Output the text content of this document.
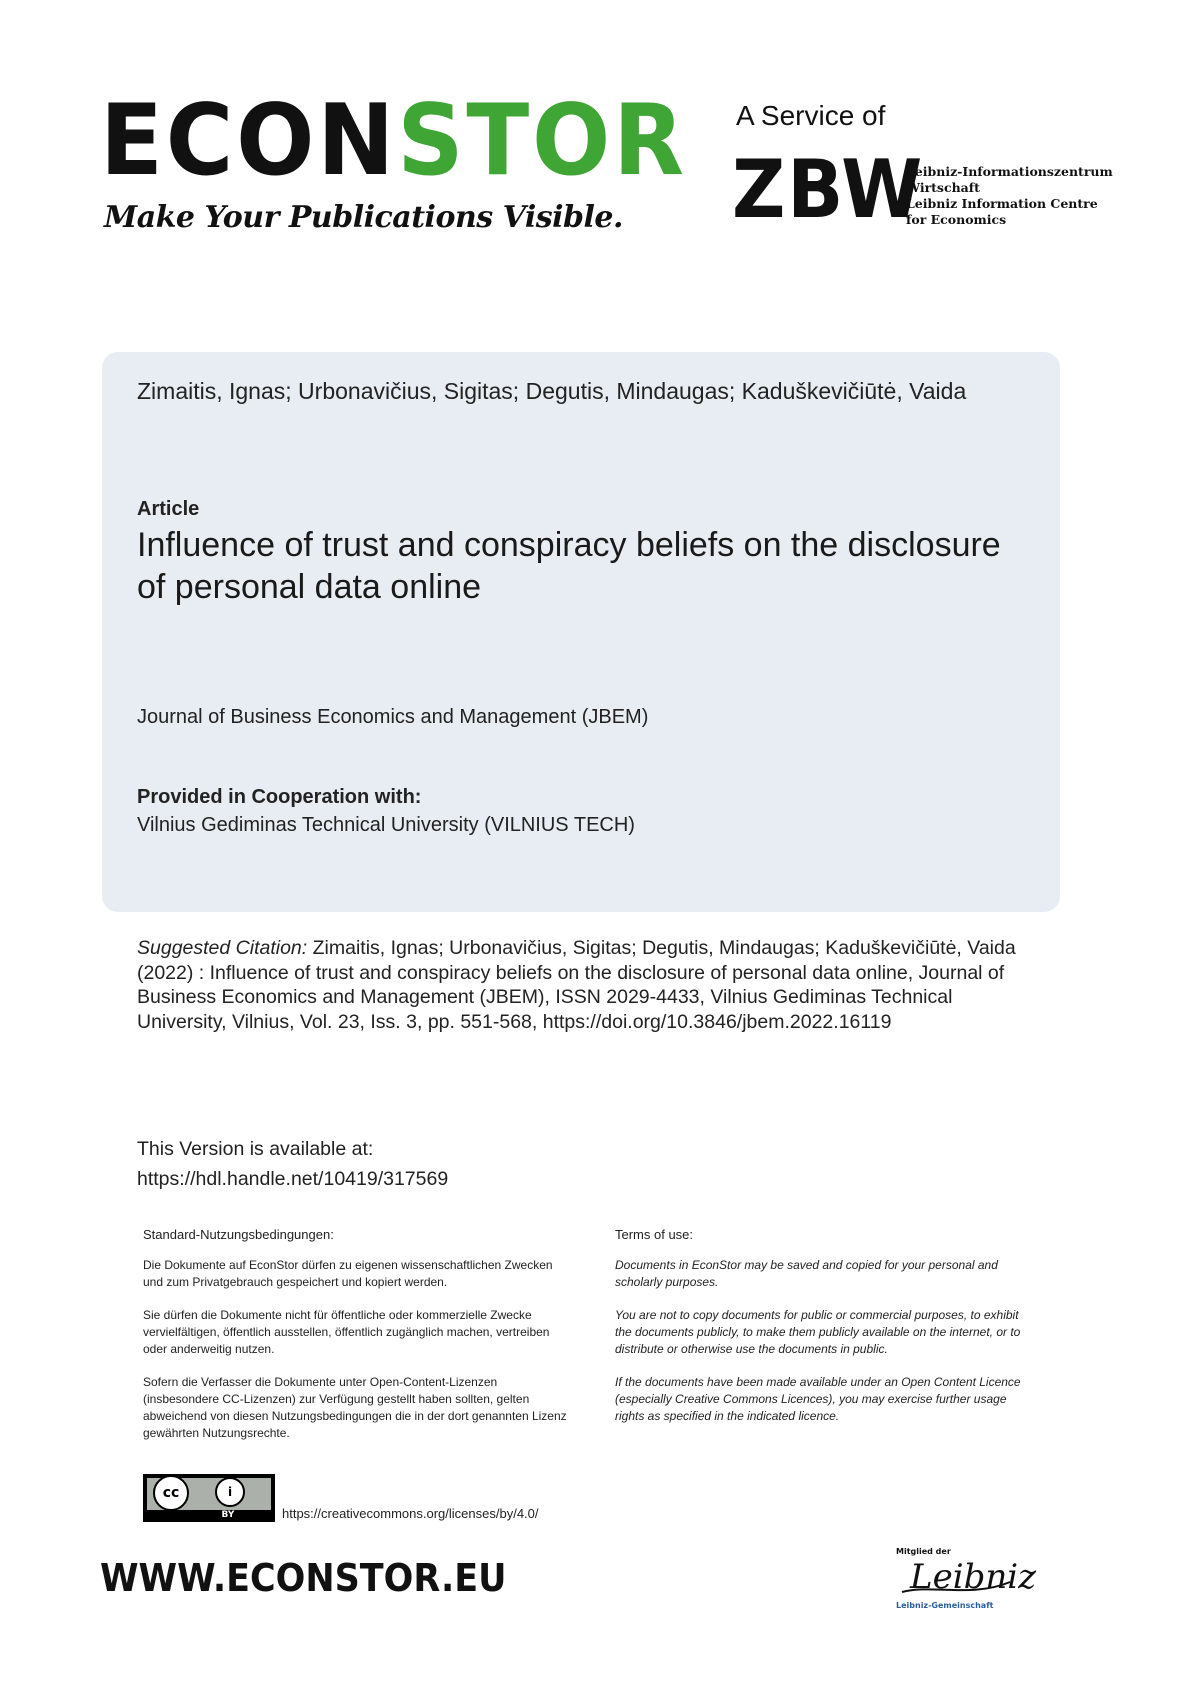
ECONSTOR
Make Your Publications Visible.
A Service of
ZBW
Leibniz-Informationszentrum
Wirtschaft
Leibniz Information Centre
for Economics
Zimaitis, Ignas; Urbonavičius, Sigitas; Degutis, Mindaugas; Kaduškevičiūtė, Vaida
Article
Influence of trust and conspiracy beliefs on the disclosure of personal data online
Journal of Business Economics and Management (JBEM)
Provided in Cooperation with:
Vilnius Gediminas Technical University (VILNIUS TECH)
Suggested Citation: Zimaitis, Ignas; Urbonavičius, Sigitas; Degutis, Mindaugas; Kaduškevičiūtė, Vaida (2022) : Influence of trust and conspiracy beliefs on the disclosure of personal data online, Journal of Business Economics and Management (JBEM), ISSN 2029-4433, Vilnius Gediminas Technical University, Vilnius, Vol. 23, Iss. 3, pp. 551-568, https://doi.org/10.3846/jbem.2022.16119
This Version is available at:
https://hdl.handle.net/10419/317569
Standard-Nutzungsbedingungen:

Die Dokumente auf EconStor dürfen zu eigenen wissenschaftlichen Zwecken und zum Privatgebrauch gespeichert und kopiert werden.

Sie dürfen die Dokumente nicht für öffentliche oder kommerzielle Zwecke vervielfältigen, öffentlich ausstellen, öffentlich zugänglich machen, vertreiben oder anderweitig nutzen.

Sofern die Verfasser die Dokumente unter Open-Content-Lizenzen (insbesondere CC-Lizenzen) zur Verfügung gestellt haben sollten, gelten abweichend von diesen Nutzungsbedingungen die in der dort genannten Lizenz gewährten Nutzungsrechte.

Terms of use:

Documents in EconStor may be saved and copied for your personal and scholarly purposes.

You are not to copy documents for public or commercial purposes, to exhibit the documents publicly, to make them publicly available on the internet, or to distribute or otherwise use the documents in public.

If the documents have been made available under an Open Content Licence (especially Creative Commons Licences), you may exercise further usage rights as specified in the indicated licence.

cc	i
BY	https://creativecommons.org/licenses/by/4.0/
WWW.ECONSTOR.EU
Mitglied der
Leibniz
Leibniz-Gemeinschaft
